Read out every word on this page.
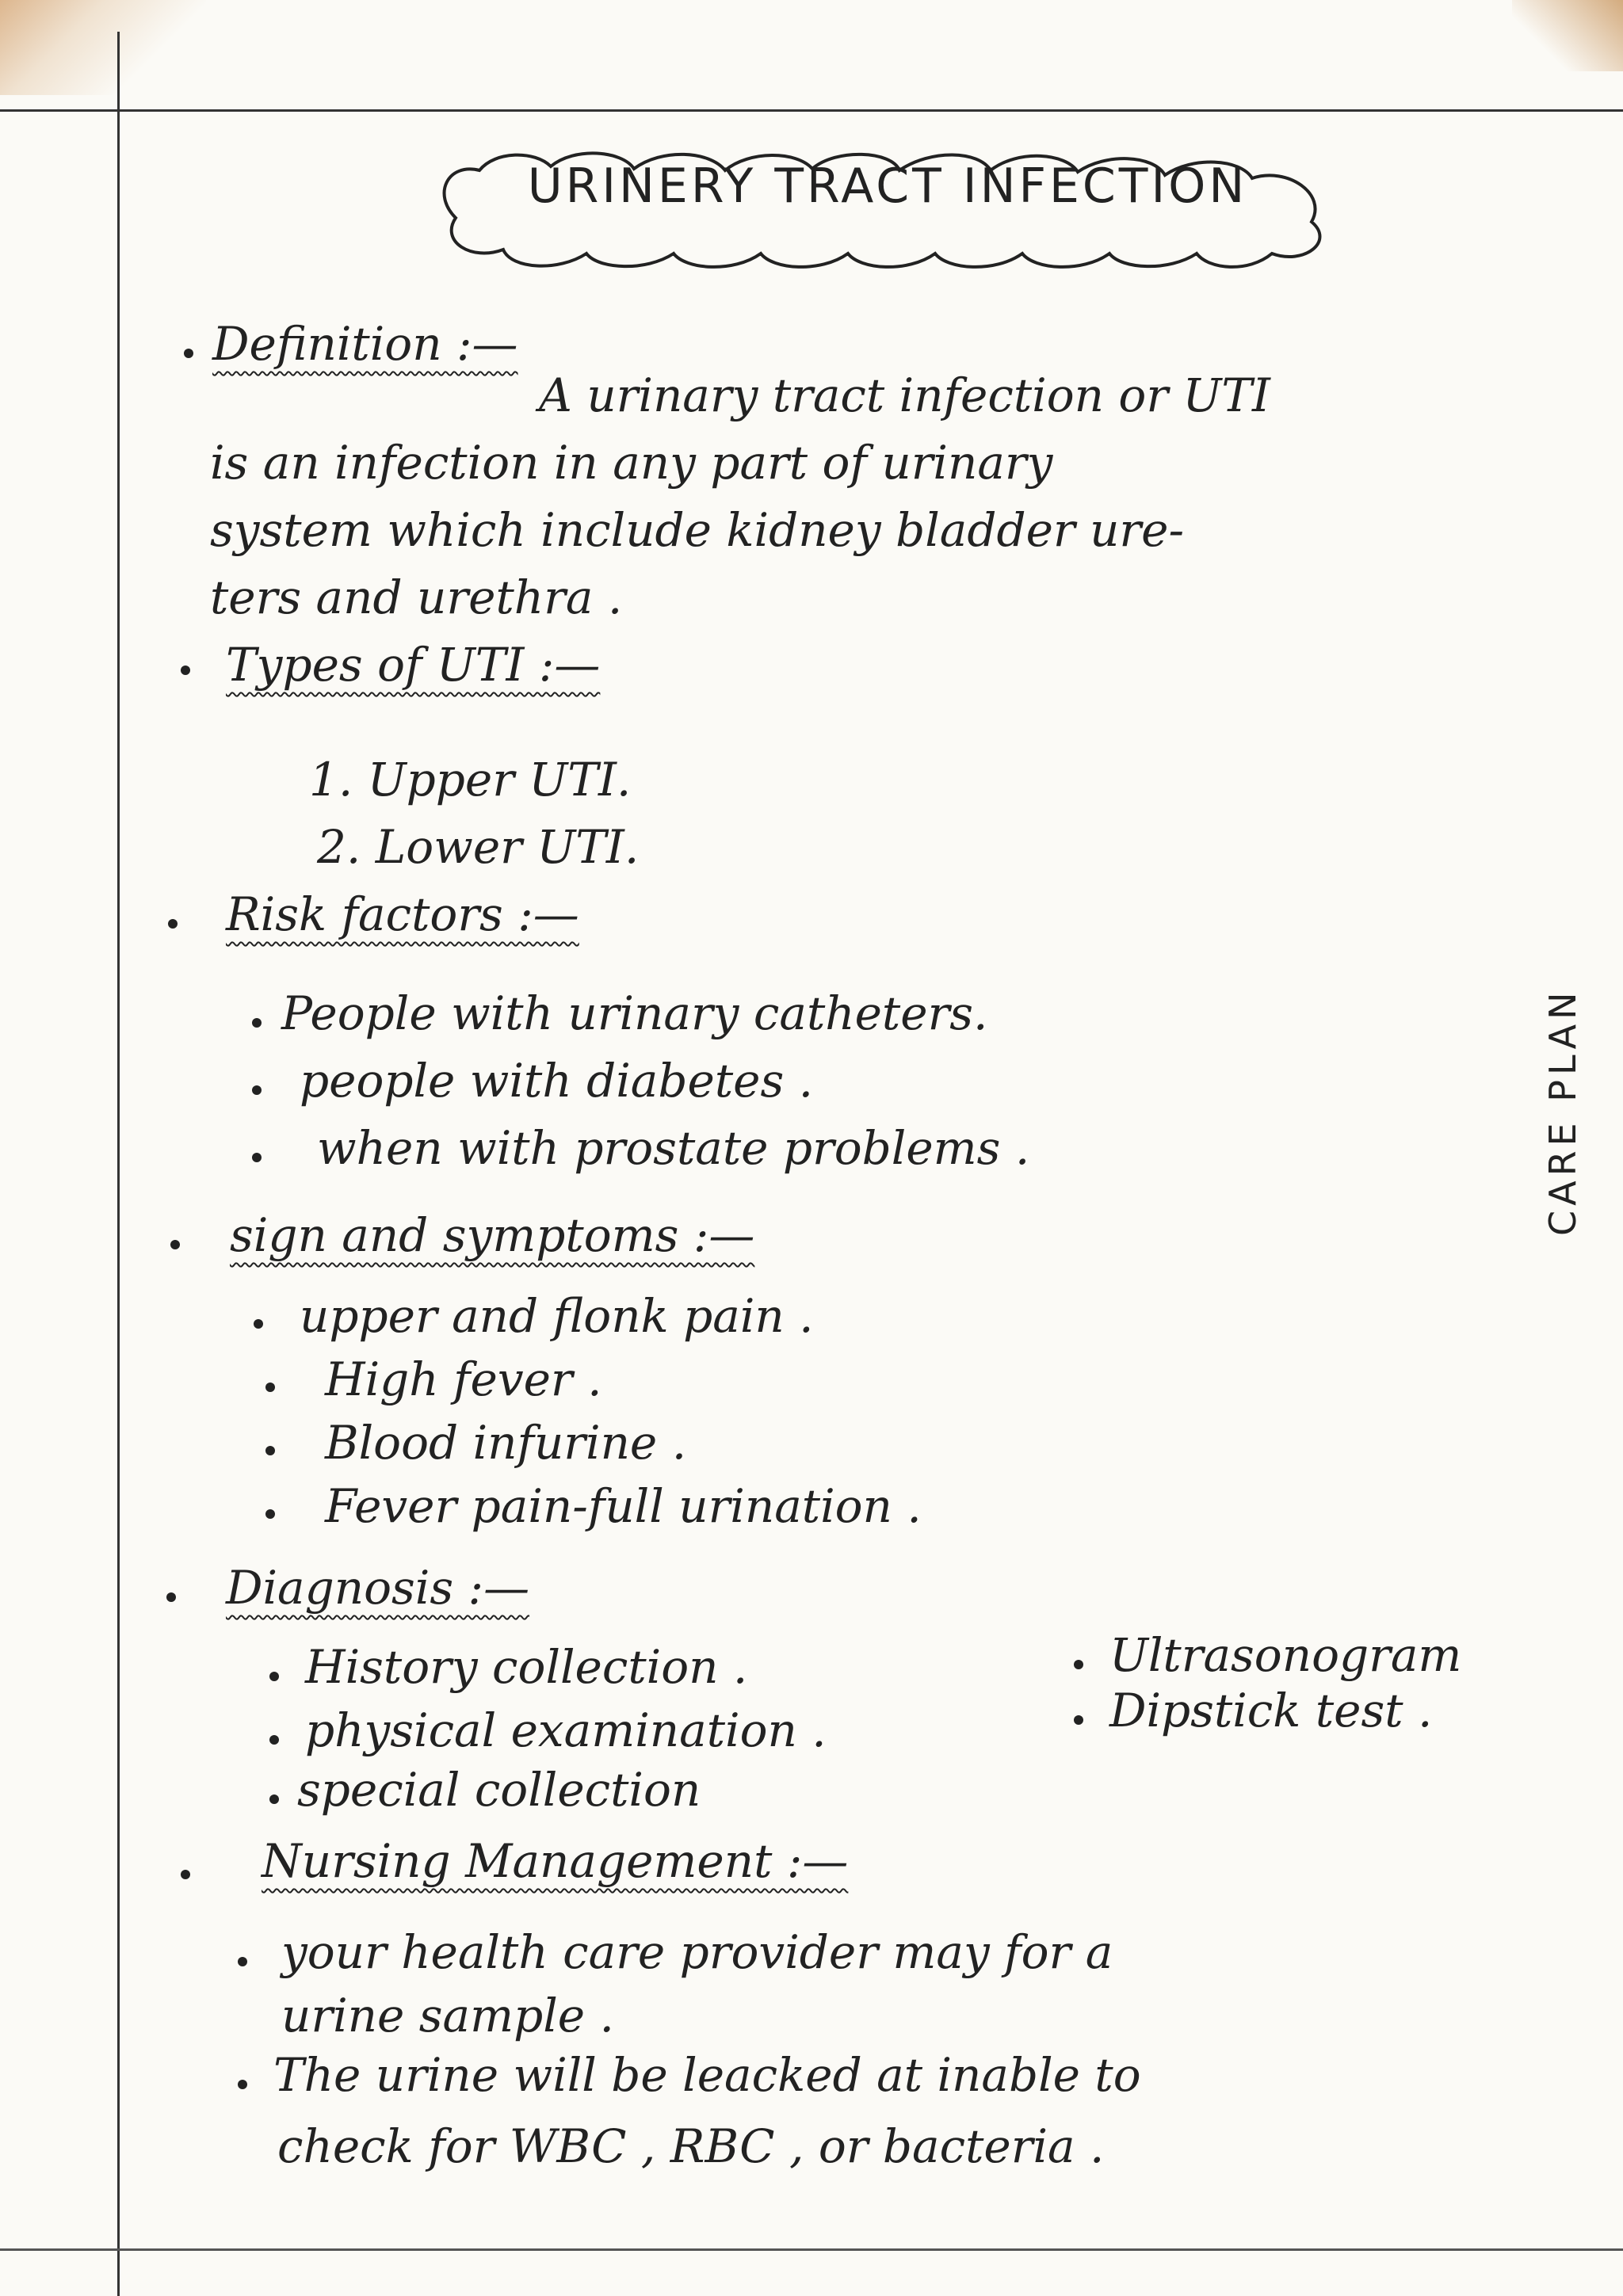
URINERY TRACT INFECTION
Definition :—
A urinary tract infection or UTI
is an infection in any part of urinary
system which include kidney bladder ure-
ters and urethra .
Types of UTI :—
1. Upper UTI.
2. Lower UTI.
Risk factors :—
People with urinary catheters.
people with diabetes .
when with prostate problems .
sign and symptoms :—
upper and flonk pain .
High fever .
Blood infurine .
Fever pain-full urination .
Diagnosis :—
History collection .
physical examination .
special collection
Ultrasonogram
Dipstick test .
Nursing Management :—
your health care provider may for a
urine sample .
The urine will be leacked at inable to
check for WBC , RBC , or bacteria .
CARE PLAN
